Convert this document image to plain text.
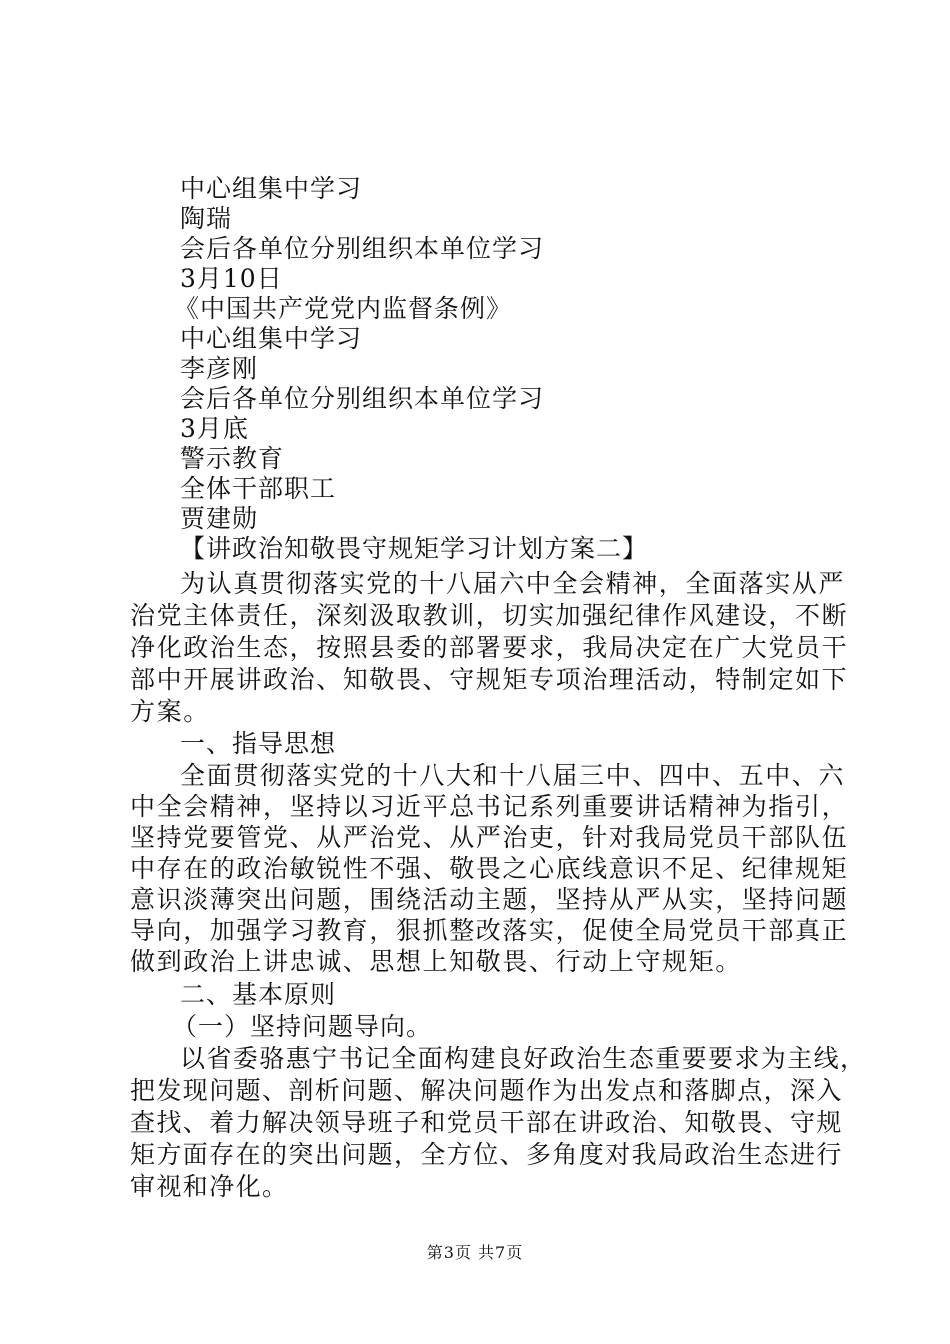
中心组集中学习
陶瑞
会后各单位分别组织本单位学习
3月10日
《中国共产党党内监督条例》
中心组集中学习
李彦刚
会后各单位分别组织本单位学习
3月底
警示教育
全体干部职工
贾建勋
【讲政治知敬畏守规矩学习计划方案二】
为认真贯彻落实党的十八届六中全会精神，全面落实从严
治党主体责任，深刻汲取教训，切实加强纪律作风建设，不断
净化政治生态，按照县委的部署要求，我局决定在广大党员干
部中开展讲政治、知敬畏、守规矩专项治理活动，特制定如下
方案。
一、指导思想
全面贯彻落实党的十八大和十八届三中、四中、五中、六
中全会精神，坚持以习近平总书记系列重要讲话精神为指引，
坚持党要管党、从严治党、从严治吏，针对我局党员干部队伍
中存在的政治敏锐性不强、敬畏之心底线意识不足、纪律规矩
意识淡薄突出问题，围绕活动主题，坚持从严从实，坚持问题
导向，加强学习教育，狠抓整改落实，促使全局党员干部真正
做到政治上讲忠诚、思想上知敬畏、行动上守规矩。
二、基本原则
（一）坚持问题导向。
以省委骆惠宁书记全面构建良好政治生态重要要求为主线，
把发现问题、剖析问题、解决问题作为出发点和落脚点，深入
查找、着力解决领导班子和党员干部在讲政治、知敬畏、守规
矩方面存在的突出问题，全方位、多角度对我局政治生态进行
审视和净化。
第3页 共7页
